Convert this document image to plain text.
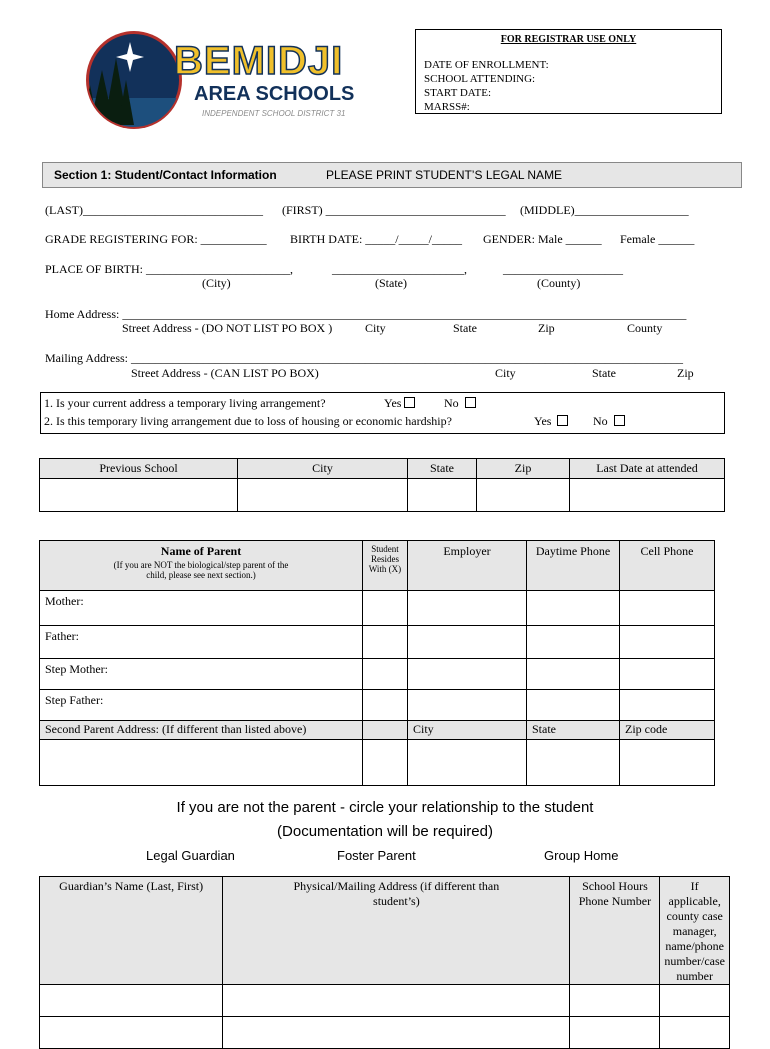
BEMIDJI
AREA SCHOOLS
INDEPENDENT SCHOOL DISTRICT 31
FOR REGISTRAR USE ONLY
DATE OF ENROLLMENT:
SCHOOL ATTENDING:
START DATE:
MARSS#:
Section 1: Student/Contact Information	PLEASE PRINT STUDENT’S LEGAL NAME
(LAST)______________________________ (FIRST) ______________________________ (MIDDLE)___________________
GRADE REGISTERING FOR: ___________ BIRTH DATE: _____/_____/_____ GENDER: Male ______ Female ______
PLACE OF BIRTH: ________________________,	______________________,	____________________
(City)	(State)	(County)
Home Address: ______________________________________________________________________________________________
Street Address - (DO NOT LIST PO BOX )	City	State	Zip	County
Mailing Address: ____________________________________________________________________________________________
Street Address - (CAN LIST PO BOX)	City	State	Zip
1. Is your current address a temporary living arrangement?	Yes	No
2. Is this temporary living arrangement due to loss of housing or economic hardship?	Yes	No
Previous School	City	State	Zip	Last Date at attended

Name of Parent
(If you are NOT the biological/step parent of the child, please see next section.)	Student Resides With (X)	Employer	Daytime Phone	Cell Phone
Mother:				
Father:				
Step Mother:				
Step Father:				
Second Parent Address: (If different than listed above)		City	State	Zip code

If you are not the parent - circle your relationship to the student
(Documentation will be required)
Legal Guardian	Foster Parent	Group Home
Guardian’s Name (Last, First)	Physical/Mailing Address (if different than student’s)	School Hours Phone Number	If applicable, county case manager, name/phone number/case number
